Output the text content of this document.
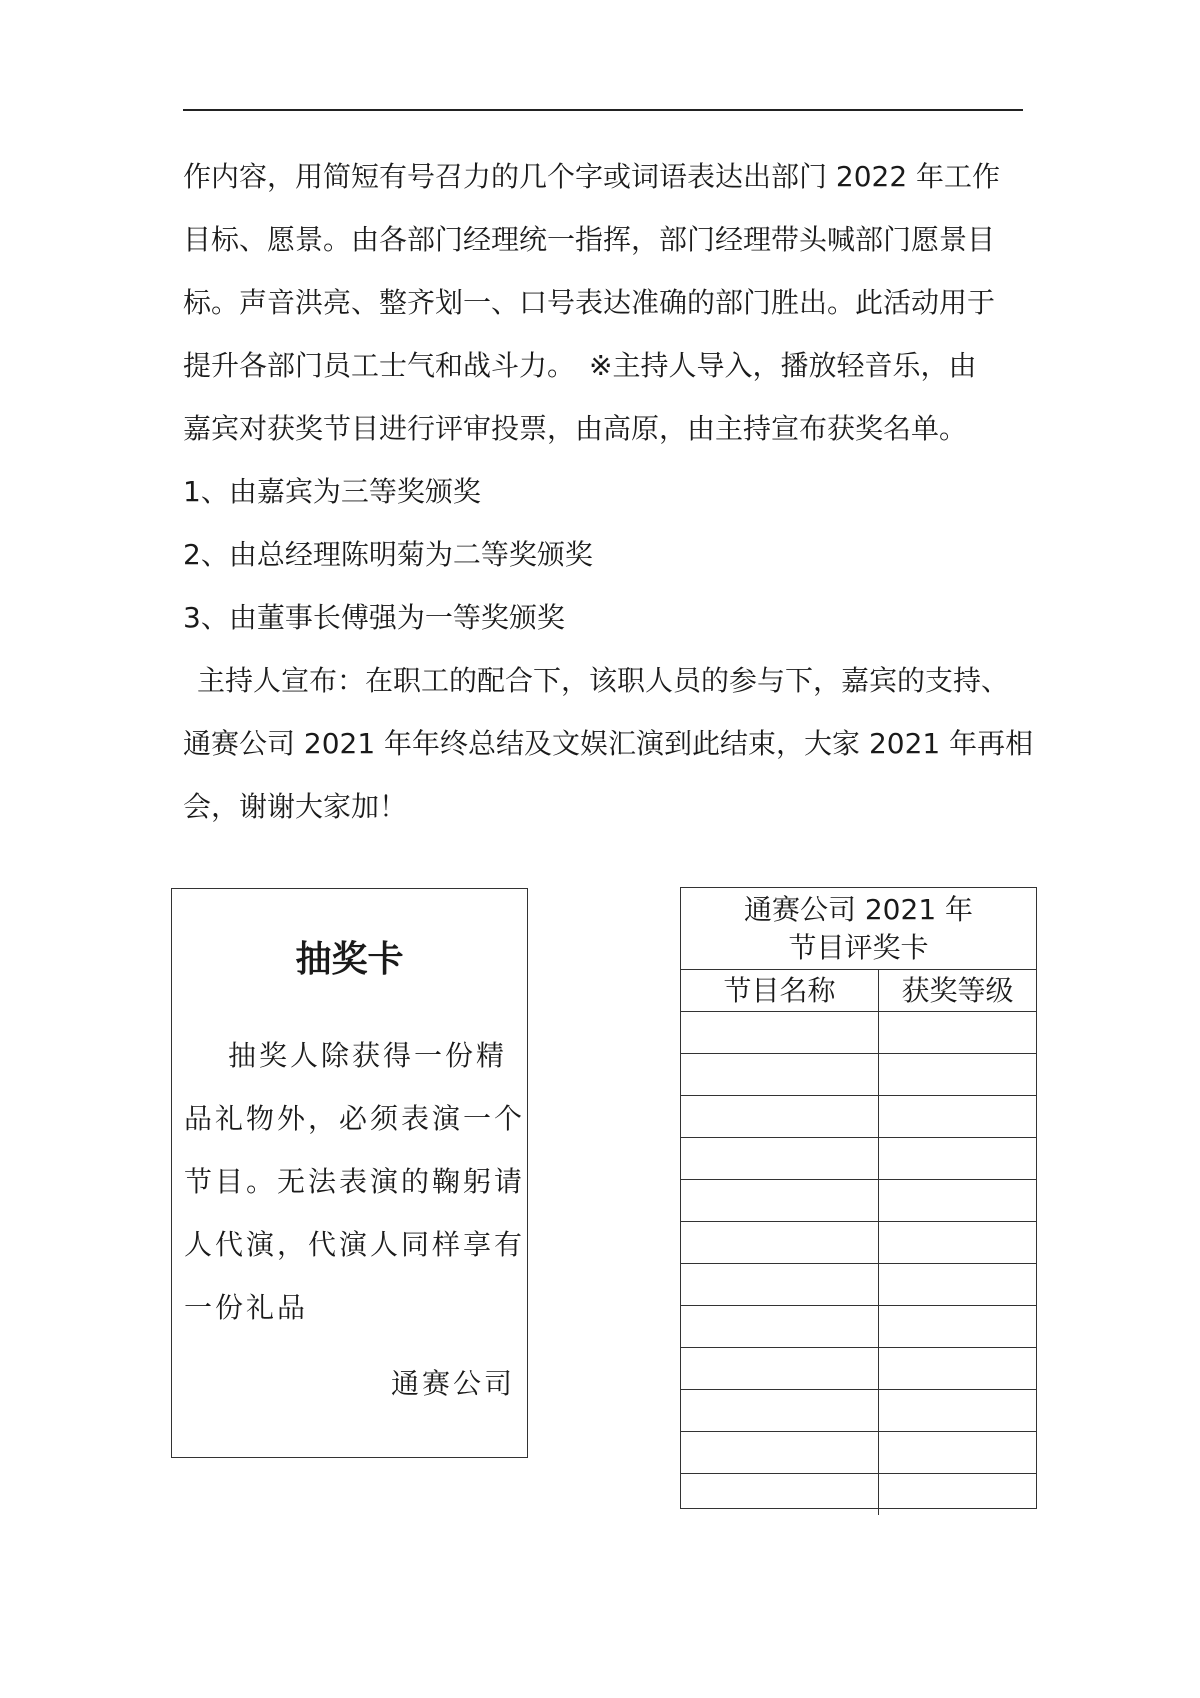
作内容，用简短有号召力的几个字或词语表达出部门 2022 年工作

目标、愿景。由各部门经理统一指挥，部门经理带头喊部门愿景目

标。声音洪亮、整齐划一、口号表达准确的部门胜出。此活动用于

提升各部门员工士气和战斗力。　※主持人导入，播放轻音乐，由

嘉宾对获奖节目进行评审投票，由高原，由主持宣布获奖名单。

1、由嘉宾为三等奖颁奖

2、由总经理陈明菊为二等奖颁奖

3、由董事长傅强为一等奖颁奖

主持人宣布：在职工的配合下，该职人员的参与下，嘉宾的支持、

通赛公司 2021 年年终总结及文娱汇演到此结束，大家 2021 年再相

会，谢谢大家加！

抽奖卡

抽奖人除获得一份精

品礼物外，必须表演一个

节目。无法表演的鞠躬请

人代演，代演人同样享有

一份礼品

通赛公司
通赛公司 2021 年
节目评奖卡
节目名称	获奖等级
